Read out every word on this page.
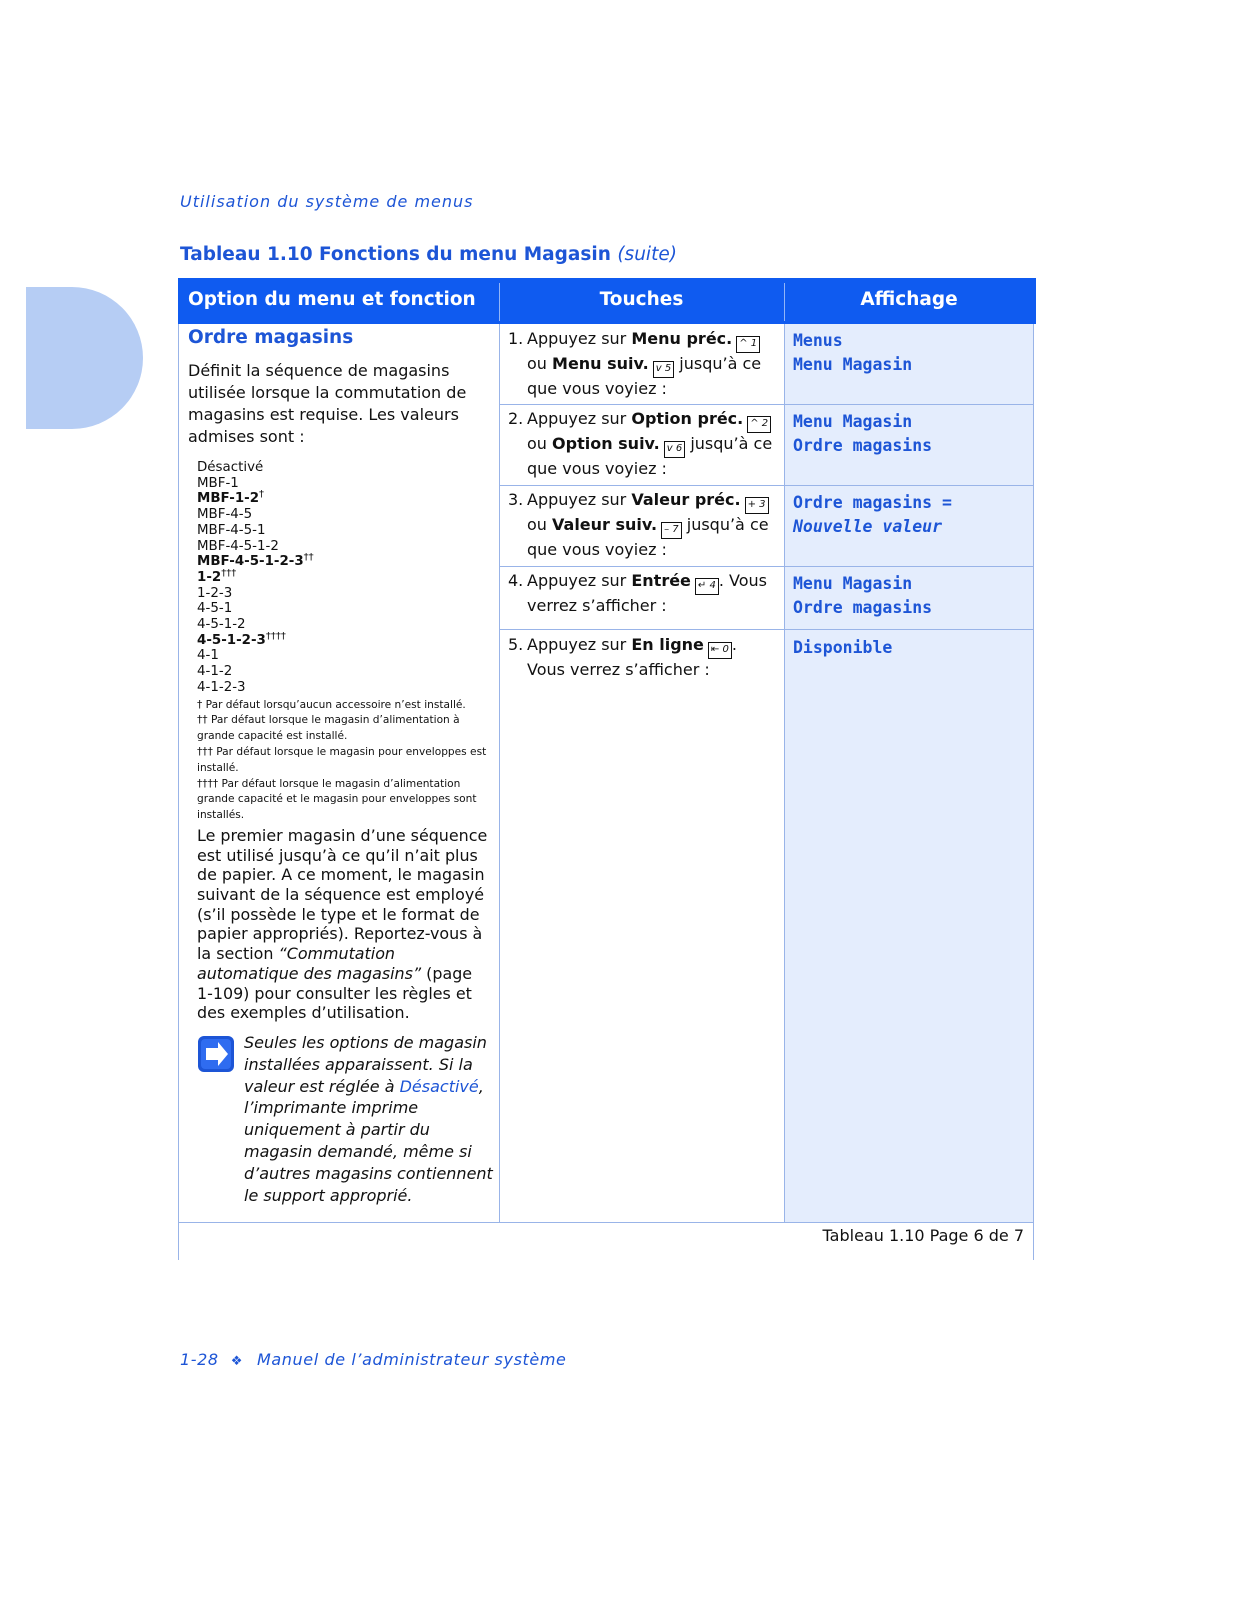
Utilisation du système de menus
Tableau 1.10 Fonctions du menu Magasin (suite)
Option du menu et fonction	Touches	Affichage
Ordre magasins
Définit la séquence de magasins utilisée lorsque la commutation de magasins est requise. Les valeurs admises sont :
Désactivé
MBF-1
MBF-1-2†
MBF-4-5
MBF-4-5-1
MBF-4-5-1-2
MBF-4-5-1-2-3††
1-2†††
1-2-3
4-5-1
4-5-1-2
4-5-1-2-3††††
4-1
4-1-2
4-1-2-3
† Par défaut lorsqu’aucun accessoire n’est installé.
†† Par défaut lorsque le magasin d’alimentation à grande capacité est installé.
††† Par défaut lorsque le magasin pour enveloppes est installé.
†††† Par défaut lorsque le magasin d’alimentation grande capacité et le magasin pour enveloppes sont installés.
Le premier magasin d’une séquence est utilisé jusqu’à ce qu’il n’ait plus de papier. A ce moment, le magasin suivant de la séquence est employé (s’il possède le type et le format de papier appropriés). Reportez-vous à la section “Commutation automatique des magasins” (page 1-109) pour consulter les règles et des exemples d’utilisation.
Seules les options de magasin installées apparaissent. Si la valeur est réglée à Désactivé, l’imprimante imprime uniquement à partir du magasin demandé, même si d’autres magasins contiennent le support approprié.
1. Appuyez sur Menu préc. ^ 1
ou Menu suiv. v 5 jusqu’à ce que vous voyiez :
2. Appuyez sur Option préc. ^ 2
ou Option suiv. v 6 jusqu’à ce que vous voyiez :
3. Appuyez sur Valeur préc. + 3
ou Valeur suiv. – 7 jusqu’à ce que vous voyiez :
4. Appuyez sur Entrée ↵ 4 . Vous verrez s’afficher :
5. Appuyez sur En ligne ⇤ 0 . Vous verrez s’afficher :
Menus
Menu Magasin
Menu Magasin
Ordre magasins
Ordre magasins =
Nouvelle valeur
Menu Magasin
Ordre magasins
Disponible
Tableau 1.10 Page 6 de 7
1-28 ❖ Manuel de l’administrateur système
